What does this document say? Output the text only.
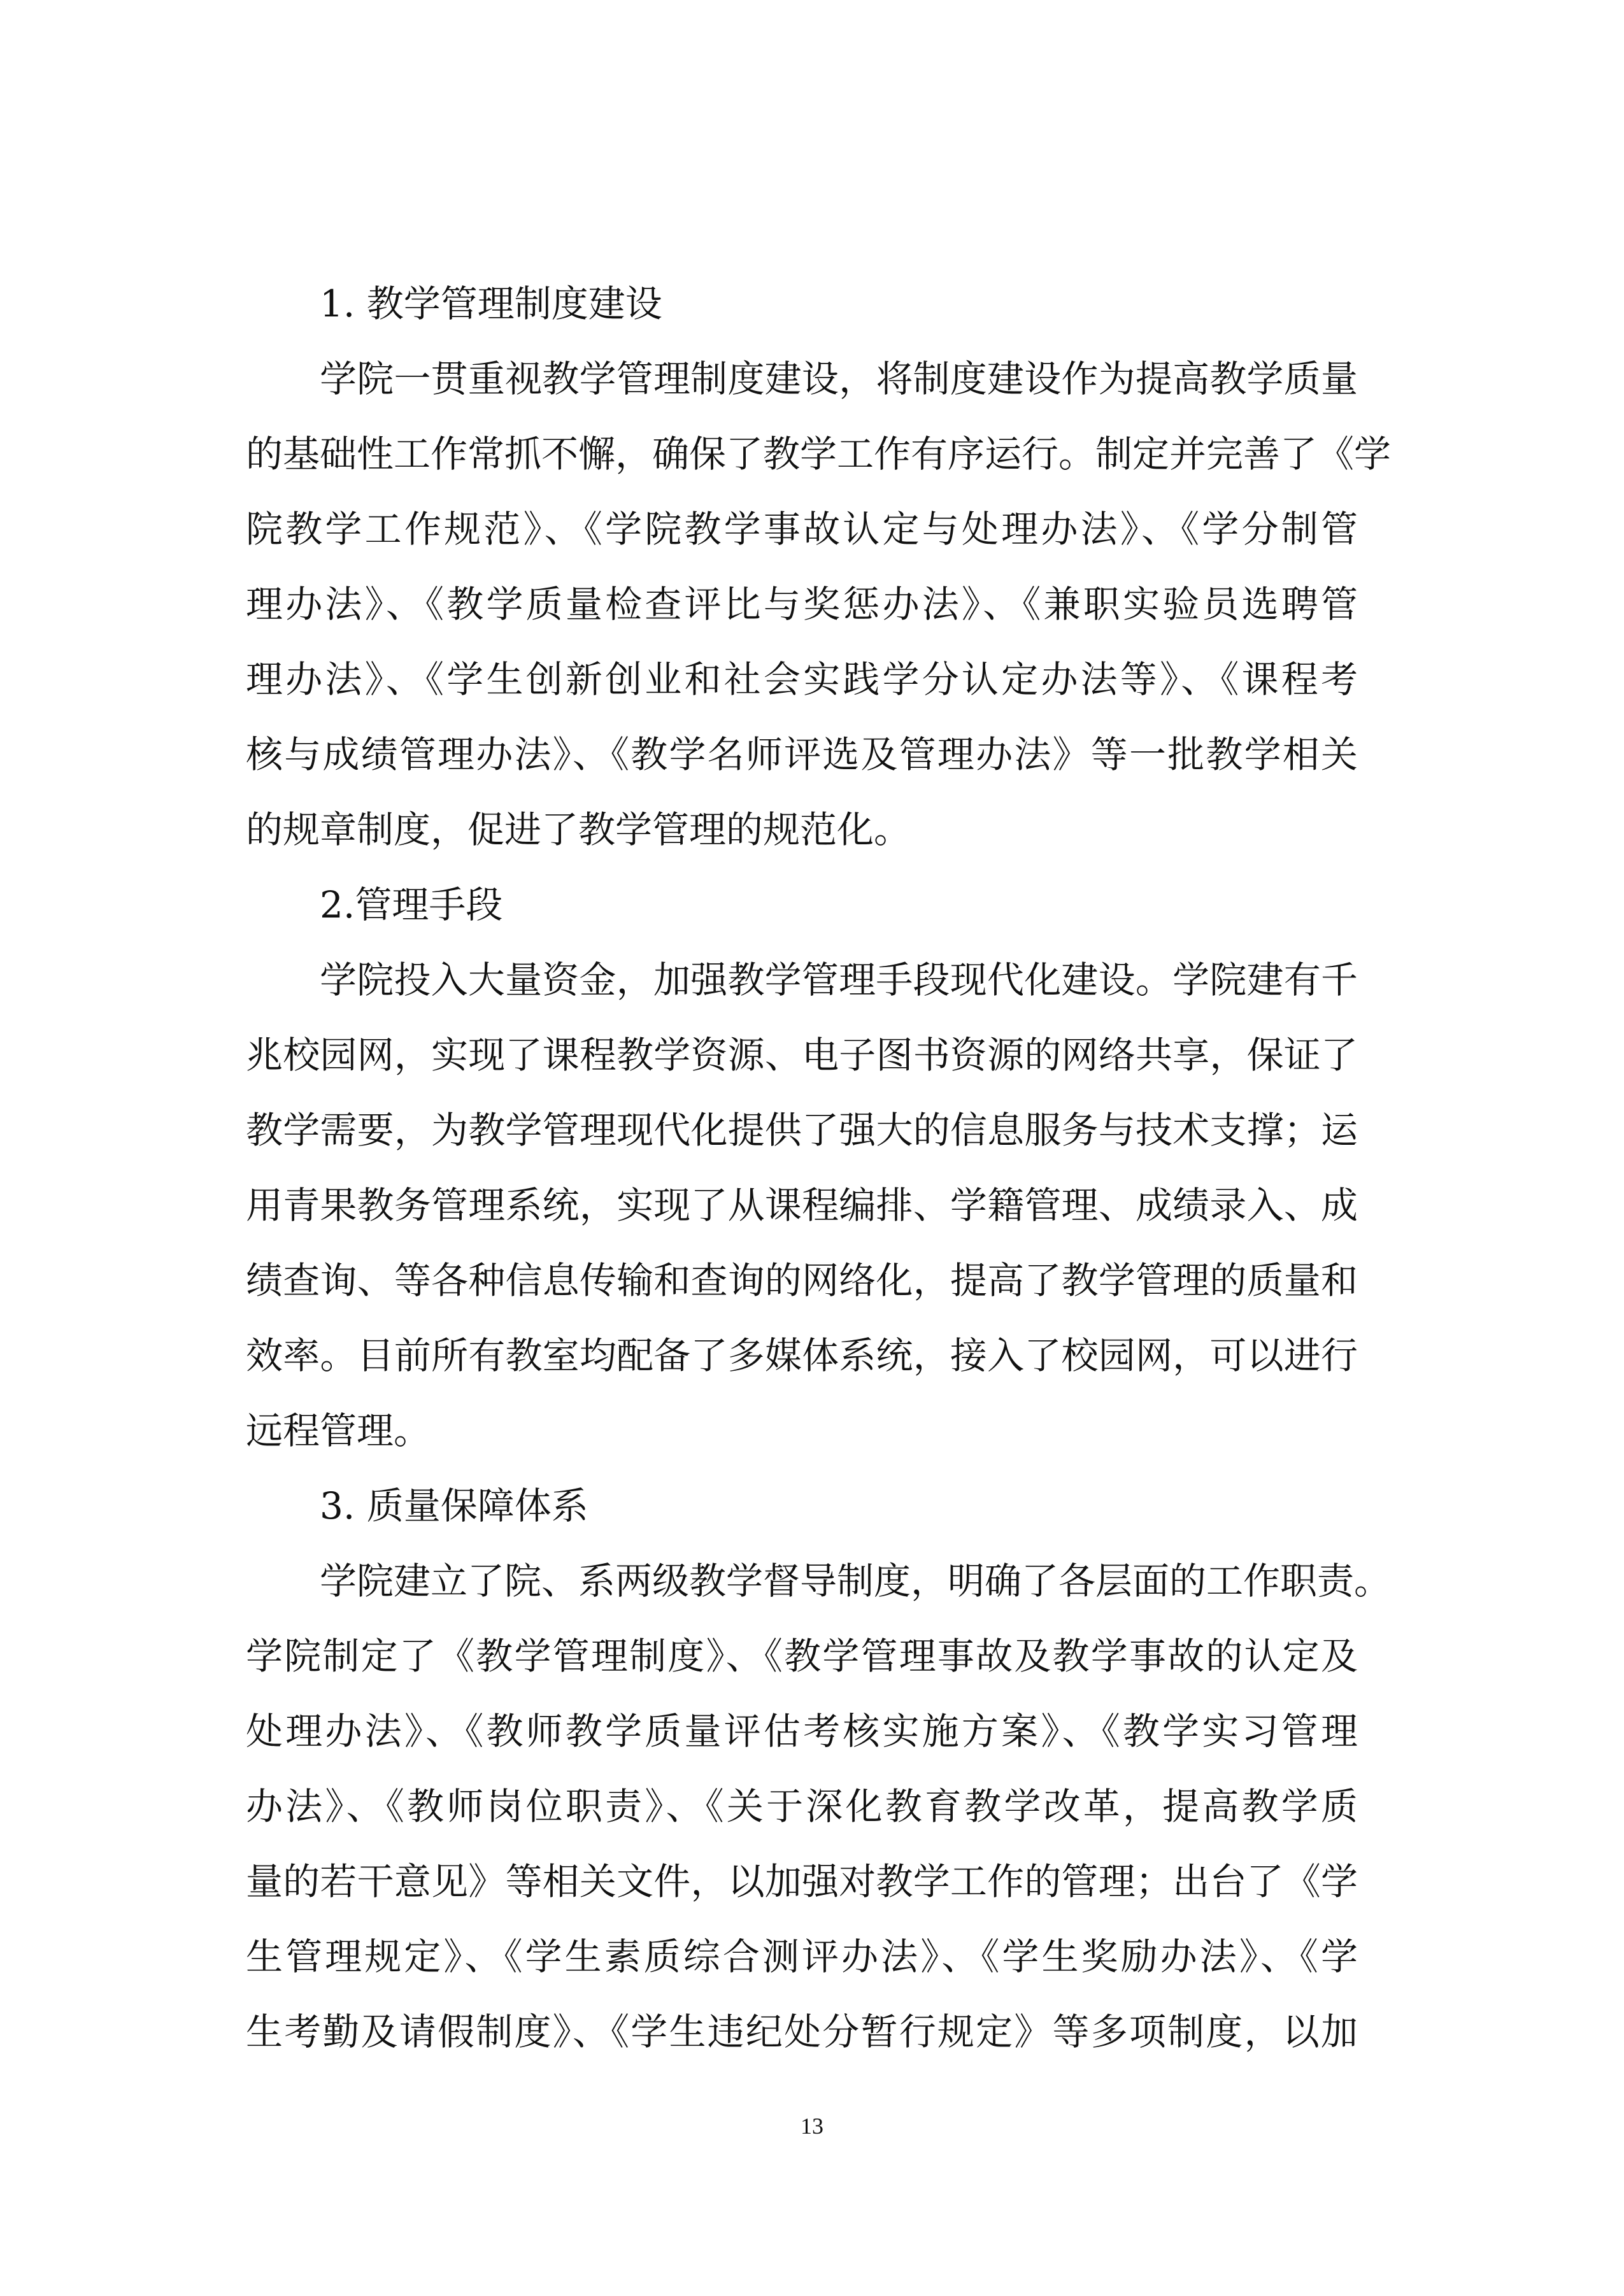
1. 教学管理制度建设

学院一贯重视教学管理制度建设，将制度建设作为提高教学质量
的基础性工作常抓不懈，确保了教学工作有序运行。制定并完善了《学
院教学工作规范》、《学院教学事故认定与处理办法》、《学分制管
理办法》、《教学质量检查评比与奖惩办法》、《兼职实验员选聘管
理办法》、《学生创新创业和社会实践学分认定办法等》、《课程考
核与成绩管理办法》、《教学名师评选及管理办法》等一批教学相关
的规章制度，促进了教学管理的规范化。

2.管理手段

学院投入大量资金，加强教学管理手段现代化建设。学院建有千
兆校园网，实现了课程教学资源、电子图书资源的网络共享，保证了
教学需要，为教学管理现代化提供了强大的信息服务与技术支撑；运
用青果教务管理系统，实现了从课程编排、学籍管理、成绩录入、成
绩查询、等各种信息传输和查询的网络化，提高了教学管理的质量和
效率。目前所有教室均配备了多媒体系统，接入了校园网，可以进行
远程管理。

3. 质量保障体系

学院建立了院、系两级教学督导制度，明确了各层面的工作职责。
学院制定了《教学管理制度》、《教学管理事故及教学事故的认定及
处理办法》、《教师教学质量评估考核实施方案》、《教学实习管理
办法》、《教师岗位职责》、《关于深化教育教学改革，提高教学质
量的若干意见》等相关文件，以加强对教学工作的管理；出台了《学
生管理规定》、《学生素质综合测评办法》、《学生奖励办法》、《学
生考勤及请假制度》、《学生违纪处分暂行规定》等多项制度，以加

13
